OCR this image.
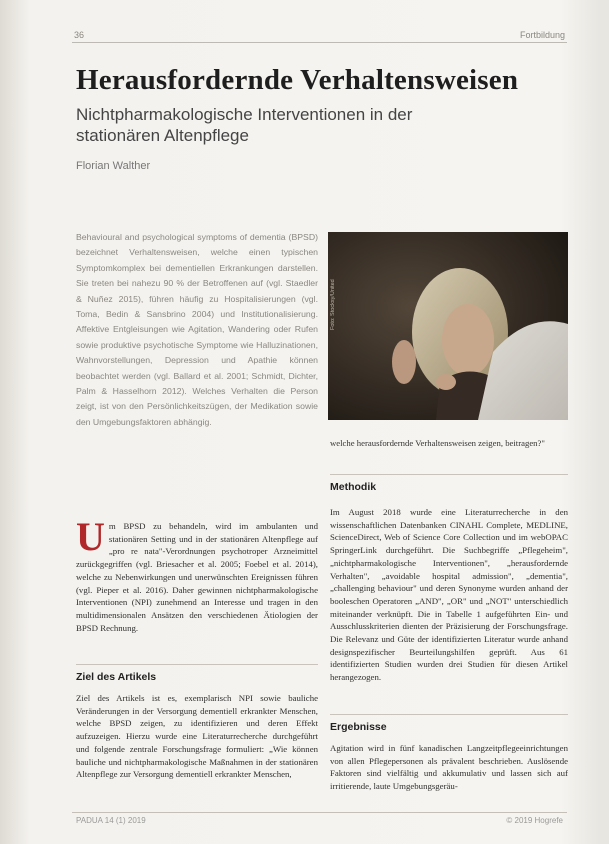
36	Fortbildung
Herausfordernde Verhaltensweisen
Nichtpharmakologische Interventionen in der stationären Altenpflege
Florian Walther

Behavioural and psychological symptoms of dementia (BPSD) bezeichnet Verhaltensweisen, welche einen typischen Symptomkomplex bei dementiellen Erkrankungen darstellen. Sie treten bei nahezu 90 % der Betroffenen auf (vgl. Staedler & Nuñez 2015), führen häufig zu Hospitalisierungen (vgl. Toma, Bedin & Sansbrino 2004) und Institutionalisierung. Affektive Entgleisungen wie Agitation, Wandering oder Rufen sowie produktive psychotische Symptome wie Halluzinationen, Wahnvorstellungen, Depression und Apathie können beobachtet werden (vgl. Ballard et al. 2001; Schmidt, Dichter, Palm & Hasselhorn 2012). Welches Verhalten die Person zeigt, ist von den Persönlichkeitszügen, der Medikation sowie den Umgebungsfaktoren abhängig.

Foto: Stocksy/United

welche herausfordernde Verhaltensweisen zeigen, beitragen?"

U m BPSD zu behandeln, wird im ambulanten und stationären Setting und in der stationären Altenpflege auf „pro re nata"-Verordnungen psychotroper Arzneimittel zurückgegriffen (vgl. Briesacher et al. 2005; Foebel et al. 2014), welche zu Nebenwirkungen und unerwünschten Ereignissen führen (vgl. Pieper et al. 2016). Daher gewinnen nichtpharmakologische Interventionen (NPI) zunehmend an Interesse und tragen in den multidimensionalen Ansätzen den verschiedenen Ätiologien der BPSD Rechnung.

Ziel des Artikels

Ziel des Artikels ist es, exemplarisch NPI sowie bauliche Veränderungen in der Versorgung dementiell erkrankter Menschen, welche BPSD zeigen, zu identifizieren und deren Effekt aufzuzeigen. Hierzu wurde eine Literaturrecherche durchgeführt und folgende zentrale Forschungsfrage formuliert: „Wie können bauliche und nichtpharmakologische Maßnahmen in der stationären Altenpflege zur Versorgung dementiell erkrankter Menschen,

Methodik

Im August 2018 wurde eine Literaturrecherche in den wissenschaftlichen Datenbanken CINAHL Complete, MEDLINE, ScienceDirect, Web of Science Core Collection und im webOPAC SpringerLink durchgeführt. Die Suchbegriffe „Pflegeheim", „nichtpharmakologische Interventionen", „herausfordernde Verhalten", „avoidable hospital admission", „dementia", „challenging behaviour" und deren Synonyme wurden anhand der booleschen Operatoren „AND", „OR" und „NOT" unterschiedlich miteinander verknüpft. Die in Tabelle 1 aufgeführten Ein- und Ausschlusskriterien dienten der Präzisierung der Forschungsfrage. Die Relevanz und Güte der identifizierten Literatur wurde anhand designspezifischer Beurteilungshilfen geprüft. Aus 61 identifizierten Studien wurden drei Studien für diesen Artikel herangezogen.

Ergebnisse

Agitation wird in fünf kanadischen Langzeitpflegeeinrichtungen von allen Pflegepersonen als prävalent beschrieben. Auslösende Faktoren sind vielfältig und akkumulativ und lassen sich auf irritierende, laute Umgebungsgeräu-

PADUA 14 (1) 2019	© 2019 Hogrefe
